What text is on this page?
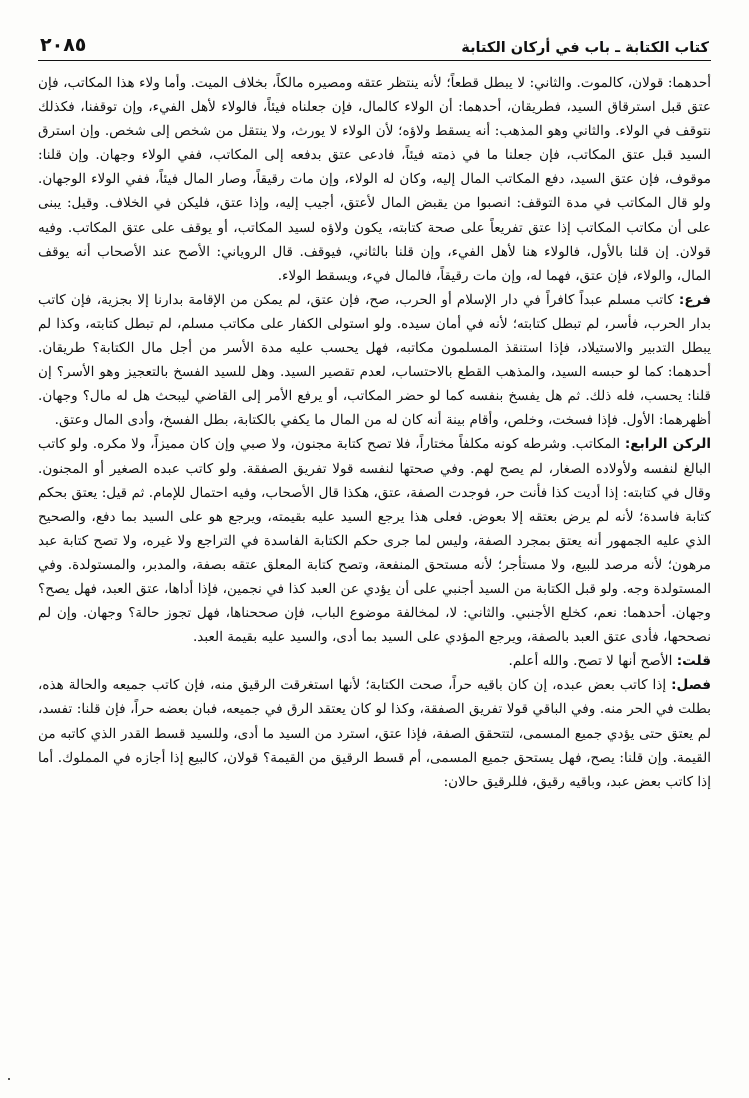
كتاب الكتابة ـ باب في أركان الكتابة
٢٠٨٥

أحدهما: قولان، كالموت. والثاني: لا يبطل قطعاً؛ لأنه ينتظر عتقه ومصيره مالكاً، بخلاف الميت. وأما ولاء هذا المكاتب، فإن عتق قبل استرقاق السيد، فطريقان، أحدهما: أن الولاء كالمال، فإن جعلناه فيئاً، فالولاء لأهل الفيء، وإن توقفنا، فكذلك نتوقف في الولاء. والثاني وهو المذهب: أنه يسقط ولاؤه؛ لأن الولاء لا يورث، ولا ينتقل من شخص إلى شخص. وإن استرق السيد قبل عتق المكاتب، فإن جعلنا ما في ذمته فيئاً، فادعى عتق بدفعه إلى المكاتب، ففي الولاء وجهان. وإن قلنا: موقوف، فإن عتق السيد، دفع المكاتب المال إليه، وكان له الولاء، وإن مات رقيقاً، وصار المال فيئاً، ففي الولاء الوجهان. ولو قال المكاتب في مدة التوقف: انصبوا من يقبض المال لأعتق، أجيب إليه، وإذا عتق، فليكن في الخلاف. وقيل: يبنى على أن مكاتب المكاتب إذا عتق تفريعاً على صحة كتابته، يكون ولاؤه لسيد المكاتب، أو يوقف على عتق المكاتب. وفيه قولان. إن قلنا بالأول، فالولاء هنا لأهل الفيء، وإن قلنا بالثاني، فيوقف. قال الروياني: الأصح عند الأصحاب أنه يوقف المال، والولاء، فإن عتق، فهما له، وإن مات رقيقاً، فالمال فيء، ويسقط الولاء.

فرع: كاتب مسلم عبداً كافراً في دار الإسلام أو الحرب، صح، فإن عتق، لم يمكن من الإقامة بدارنا إلا بجزية، فإن كاتب بدار الحرب، فأسر، لم تبطل كتابته؛ لأنه في أمان سيده. ولو استولى الكفار على مكاتب مسلم، لم تبطل كتابته، وكذا لم يبطل التدبير والاستيلاد، فإذا استنقذ المسلمون مكاتبه، فهل يحسب عليه مدة الأسر من أجل مال الكتابة؟ طريقان. أحدهما: كما لو حبسه السيد، والمذهب القطع بالاحتساب، لعدم تقصير السيد. وهل للسيد الفسخ بالتعجيز وهو الأسر؟ إن قلنا: يحسب، فله ذلك. ثم هل يفسخ بنفسه كما لو حضر المكاتب، أو يرفع الأمر إلى القاضي ليبحث هل له مال؟ وجهان. أظهرهما: الأول. فإذا فسخت، وخلص، وأقام بينة أنه كان له من المال ما يكفي بالكتابة، بطل الفسخ، وأدى المال وعتق.

الركن الرابع: المكاتب. وشرطه كونه مكلفاً مختاراً، فلا تصح كتابة مجنون، ولا صبي وإن كان مميزاً، ولا مكره. ولو كاتب البالغ لنفسه ولأولاده الصغار، لم يصح لهم. وفي صحتها لنفسه قولا تفريق الصفقة. ولو كاتب عبده الصغير أو المجنون. وقال في كتابته: إذا أديت كذا فأنت حر، فوجدت الصفة، عتق، هكذا قال الأصحاب، وفيه احتمال للإمام. ثم قيل: يعتق بحكم كتابة فاسدة؛ لأنه لم يرض بعتقه إلا بعوض. فعلى هذا يرجع السيد عليه بقيمته، ويرجع هو على السيد بما دفع، والصحيح الذي عليه الجمهور أنه يعتق بمجرد الصفة، وليس لما جرى حكم الكتابة الفاسدة في التراجع ولا غيره، ولا تصح كتابة عبد مرهون؛ لأنه مرصد للبيع، ولا مستأجر؛ لأنه مستحق المنفعة، وتصح كتابة المعلق عتقه بصفة، والمدبر، والمستولدة. وفي المستولدة وجه. ولو قبل الكتابة من السيد أجنبي على أن يؤدي عن العبد كذا في نجمين، فإذا أداها، عتق العبد، فهل يصح؟ وجهان. أحدهما: نعم، كخلع الأجنبي. والثاني: لا، لمخالفة موضوع الباب، فإن صححناها، فهل تجوز حالة؟ وجهان. وإن لم نصححها، فأدى عتق العبد بالصفة، ويرجع المؤدي على السيد بما أدى، والسيد عليه بقيمة العبد.

قلت: الأصح أنها لا تصح. والله أعلم.

فصل: إذا كاتب بعض عبده، إن كان باقيه حراً، صحت الكتابة؛ لأنها استغرقت الرقيق منه، فإن كاتب جميعه والحالة هذه، بطلت في الحر منه. وفي الباقي قولا تفريق الصفقة، وكذا لو كان يعتقد الرق في جميعه، فبان بعضه حراً، فإن قلنا: تفسد، لم يعتق حتى يؤدي جميع المسمى، لتتحقق الصفة، فإذا عتق، استرد من السيد ما أدى، وللسيد قسط القدر الذي كاتبه من القيمة. وإن قلنا: يصح، فهل يستحق جميع المسمى، أم قسط الرقيق من القيمة؟ قولان، كالبيع إذا أجازه في المملوك. أما إذا كاتب بعض عبد، وباقيه رقيق، فللرقيق حالان:
